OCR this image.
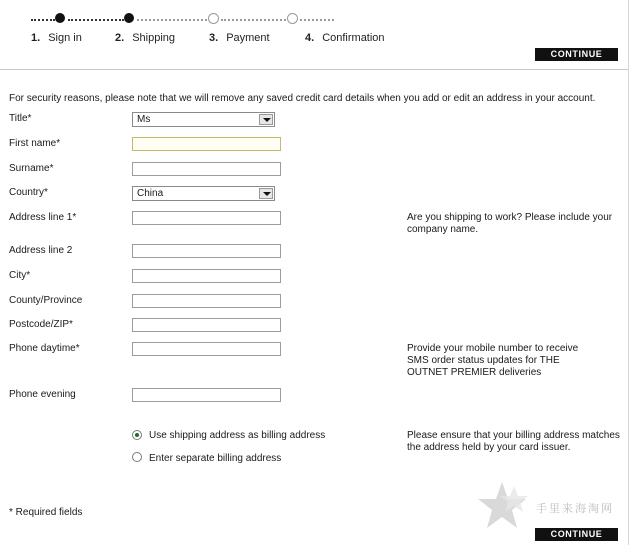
1. Sign in	2. Shipping	3. Payment	4. Confirmation
CONTINUE
For security reasons, please note that we will remove any saved credit card details when you add or edit an address in your account.
Title*	Ms
First name*
Surname*
Country*	China
Address line 1*	Are you shipping to work? Please include your company name.
Address line 2
City*
County/Province
Postcode/ZIP*
Phone daytime*	Provide your mobile number to receive SMS order status updates for THE OUTNET PREMIER deliveries
Phone evening
Use shipping address as billing address
Enter separate billing address
Please ensure that your billing address matches the address held by your card issuer.
* Required fields	手里来海淘网
CONTINUE
